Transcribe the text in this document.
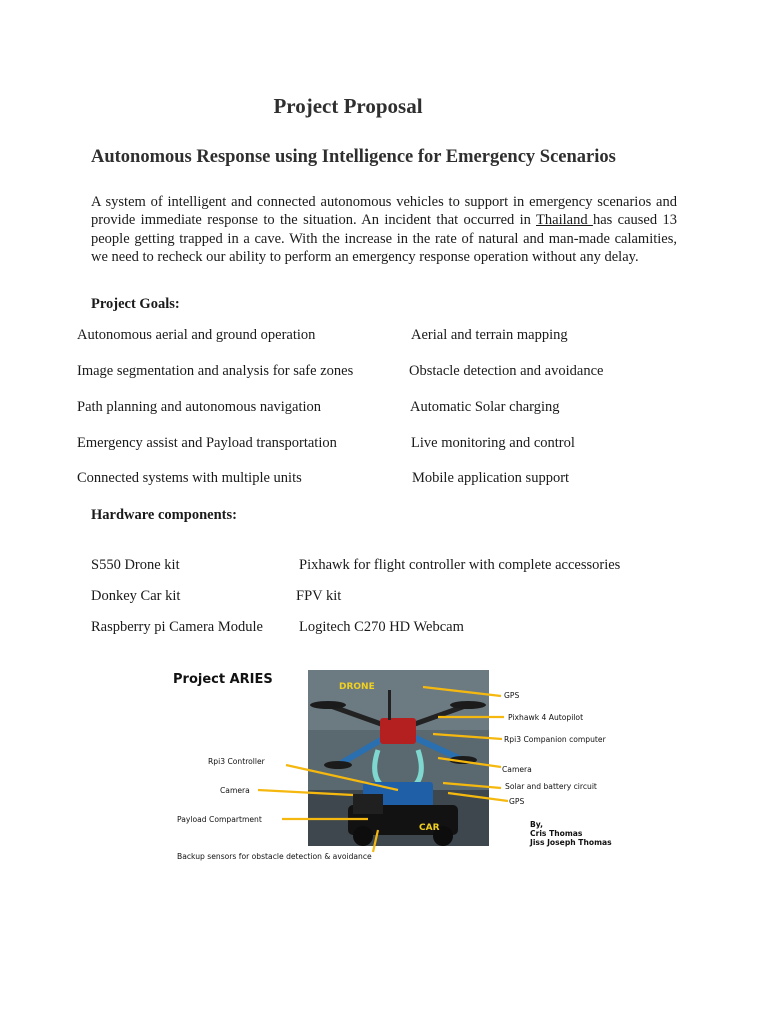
Project Proposal
Autonomous Response using Intelligence for Emergency Scenarios
A system of intelligent and connected autonomous vehicles to support in emergency scenarios and provide immediate response to the situation. An incident that occurred in Thailand has caused 13 people getting trapped in a cave. With the increase in the rate of natural and man-made calamities, we need to recheck our ability to perform an emergency response operation without any delay.
Project Goals:
Autonomous aerial and ground operation
Image segmentation and analysis for safe zones
Path planning and autonomous navigation
Emergency assist and Payload transportation
Connected systems with multiple units
Aerial and terrain mapping
Obstacle detection and avoidance
Automatic Solar charging
Live monitoring and control
Mobile application support
Hardware components:
S550 Drone kit
Donkey Car kit
Raspberry pi Camera Module
Pixhawk for flight controller with complete accessories
FPV kit
Logitech C270 HD Webcam
Project ARIES	DRONE
CAR
GPS
Pixhawk 4 Autopilot
Rpi3 Companion computer
Camera
Solar and battery circuit
GPS
Rpi3 Controller
Camera
Payload Compartment
Backup sensors for obstacle detection & avoidance
By,
Cris Thomas
Jiss Joseph Thomas
